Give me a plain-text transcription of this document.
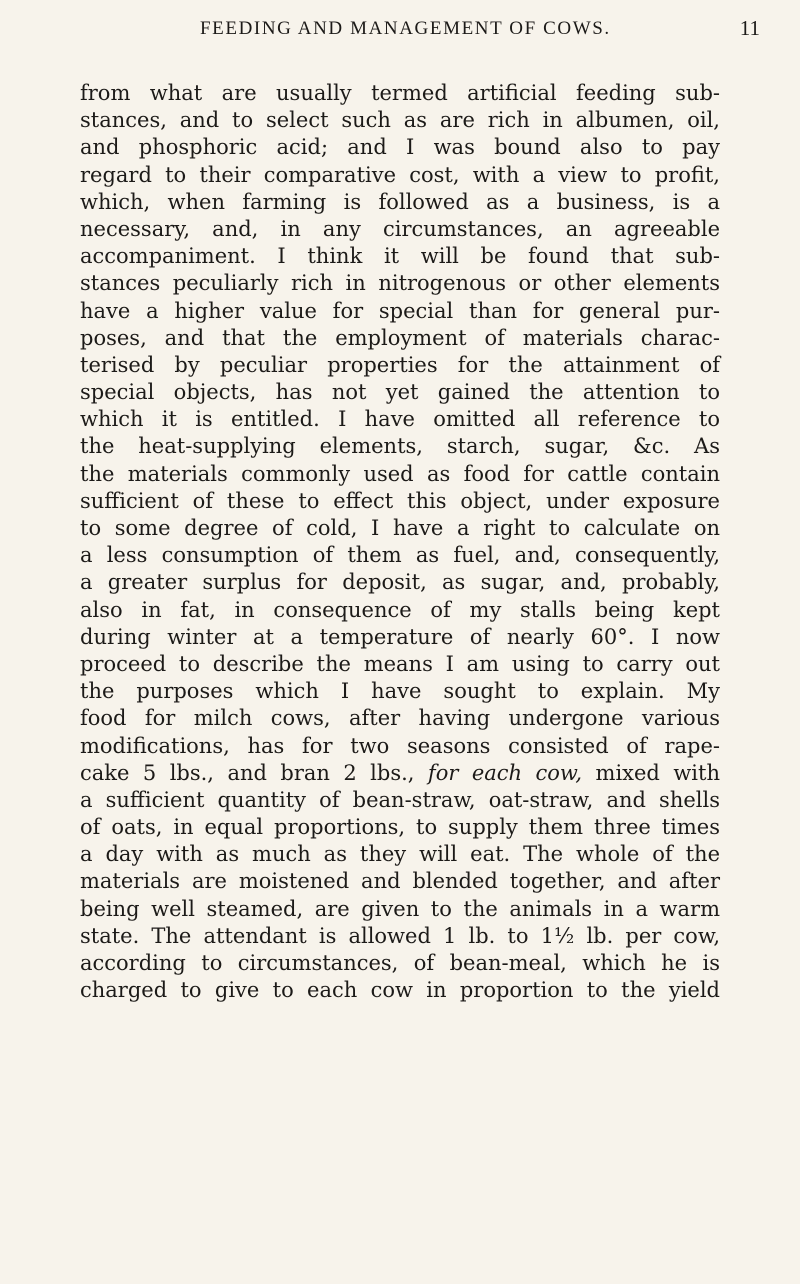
FEEDING AND MANAGEMENT OF COWS.	11
from what are usually termed artificial feeding sub-
stances, and to select such as are rich in albumen, oil,
and phosphoric acid; and I was bound also to pay
regard to their comparative cost, with a view to profit,
which, when farming is followed as a business, is a
necessary, and, in any circumstances, an agreeable
accompaniment. I think it will be found that sub-
stances peculiarly rich in nitrogenous or other elements
have a higher value for special than for general pur-
poses, and that the employment of materials charac-
terised by peculiar properties for the attainment of
special objects, has not yet gained the attention to
which it is entitled. I have omitted all reference to
the heat-supplying elements, starch, sugar, &c. As
the materials commonly used as food for cattle contain
sufficient of these to effect this object, under exposure
to some degree of cold, I have a right to calculate on
a less consumption of them as fuel, and, consequently,
a greater surplus for deposit, as sugar, and, probably,
also in fat, in consequence of my stalls being kept
during winter at a temperature of nearly 60°. I now
proceed to describe the means I am using to carry out
the purposes which I have sought to explain. My
food for milch cows, after having undergone various
modifications, has for two seasons consisted of rape-
cake 5 lbs., and bran 2 lbs., for each cow, mixed with
a sufficient quantity of bean-straw, oat-straw, and shells
of oats, in equal proportions, to supply them three times
a day with as much as they will eat. The whole of the
materials are moistened and blended together, and after
being well steamed, are given to the animals in a warm
state. The attendant is allowed 1 lb. to 1½ lb. per cow,
according to circumstances, of bean-meal, which he is
charged to give to each cow in proportion to the yield
